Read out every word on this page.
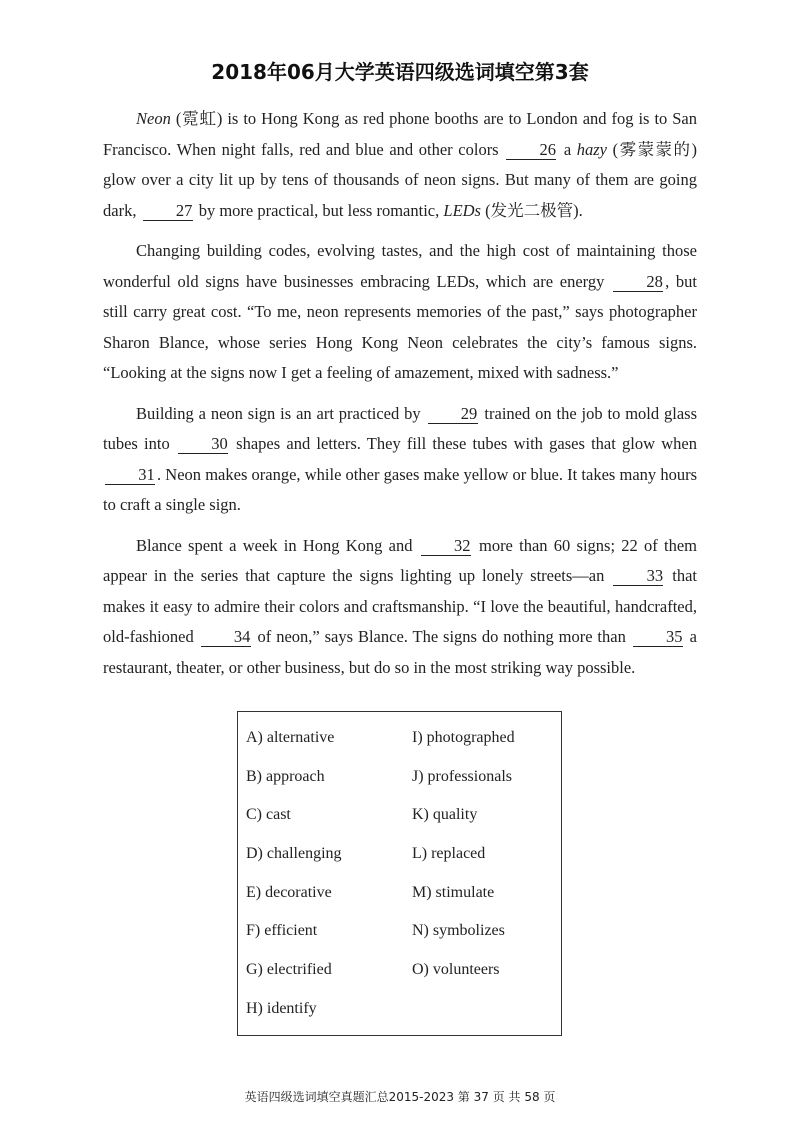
2018年06月大学英语四级选词填空第3套

Neon (霓虹) is to Hong Kong as red phone booths are to London and fog is to San Francisco. When night falls, red and blue and other colors 26 a hazy (雾蒙蒙的) glow over a city lit up by tens of thousands of neon signs. But many of them are going dark, 27 by more practical, but less romantic, LEDs (发光二极管).

Changing building codes, evolving tastes, and the high cost of maintaining those wonderful old signs have businesses embracing LEDs, which are energy 28 , but still carry great cost. “To me, neon represents memories of the past,” says photographer Sharon Blance, whose series Hong Kong Neon celebrates the city’s famous signs. “Looking at the signs now I get a feeling of amazement, mixed with sadness.”

Building a neon sign is an art practiced by 29 trained on the job to mold glass tubes into 30 shapes and letters. They fill these tubes with gases that glow when 31 . Neon makes orange, while other gases make yellow or blue. It takes many hours to craft a single sign.

Blance spent a week in Hong Kong and 32 more than 60 signs; 22 of them appear in the series that capture the signs lighting up lonely streets—an 33 that makes it easy to admire their colors and craftsmanship. “I love the beautiful, handcrafted, old-fashioned 34 of neon,” says Blance. The signs do nothing more than 35 a restaurant, theater, or other business, but do so in the most striking way possible.

A) alternative
B) approach
C) cast
D) challenging
E) decorative
F) efficient
G) electrified
H) identify
I) photographed
J) professionals
K) quality
L) replaced
M) stimulate
N) symbolizes
O) volunteers
英语四级选词填空真题汇总2015-2023 第 37 页 共 58 页
